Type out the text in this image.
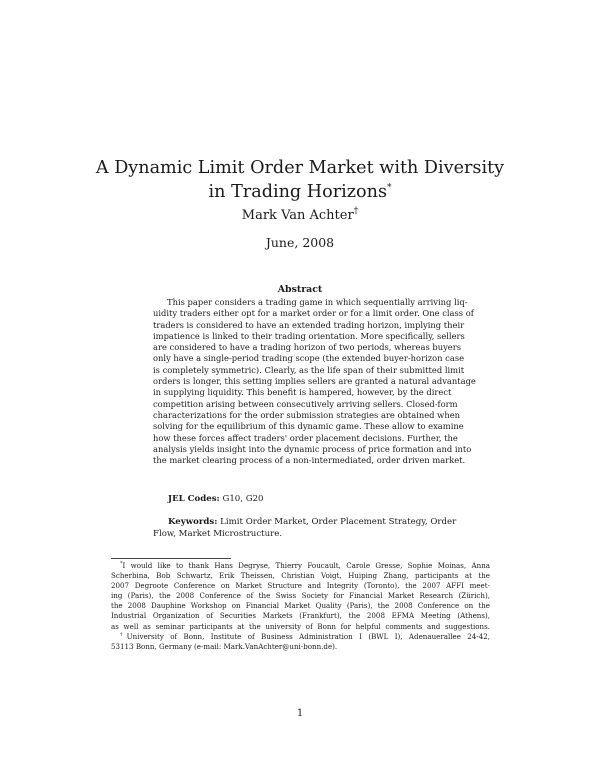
A Dynamic Limit Order Market with Diversity
in Trading Horizons*

Mark Van Achter†

June, 2008

Abstract
This paper considers a trading game in which sequentially arriving liq-
uidity traders either opt for a market order or for a limit order. One class of
traders is considered to have an extended trading horizon, implying their
impatience is linked to their trading orientation. More specifically, sellers
are considered to have a trading horizon of two periods, whereas buyers
only have a single-period trading scope (the extended buyer-horizon case
is completely symmetric). Clearly, as the life span of their submitted limit
orders is longer, this setting implies sellers are granted a natural advantage
in supplying liquidity. This benefit is hampered, however, by the direct
competition arising between consecutively arriving sellers. Closed-form
characterizations for the order submission strategies are obtained when
solving for the equilibrium of this dynamic game. These allow to examine
how these forces affect traders' order placement decisions. Further, the
analysis yields insight into the dynamic process of price formation and into
the market clearing process of a non-intermediated, order driven market.

JEL Codes: G10, G20

Keywords: Limit Order Market, Order Placement Strategy, Order
Flow, Market Microstructure.
*I would like to thank Hans Degryse, Thierry Foucault, Carole Gresse, Sophie Moinas, Anna
Scherbina, Bob Schwartz, Erik Theissen, Christian Voigt, Huiping Zhang, participants at the
2007 Degroote Conference on Market Structure and Integrity (Toronto), the 2007 AFFI meet-
ing (Paris), the 2008 Conference of the Swiss Society for Financial Market Research (Zürich),
the 2008 Dauphine Workshop on Financial Market Quality (Paris), the 2008 Conference on the
Industrial Organization of Securities Markets (Frankfurt), the 2008 EFMA Meeting (Athens),
as well as seminar participants at the university of Bonn for helpful comments and suggestions.
†University of Bonn, Institute of Business Administration I (BWL I), Adenauerallee 24-42,
53113 Bonn, Germany (e-mail: Mark.VanAchter@uni-bonn.de).

1
